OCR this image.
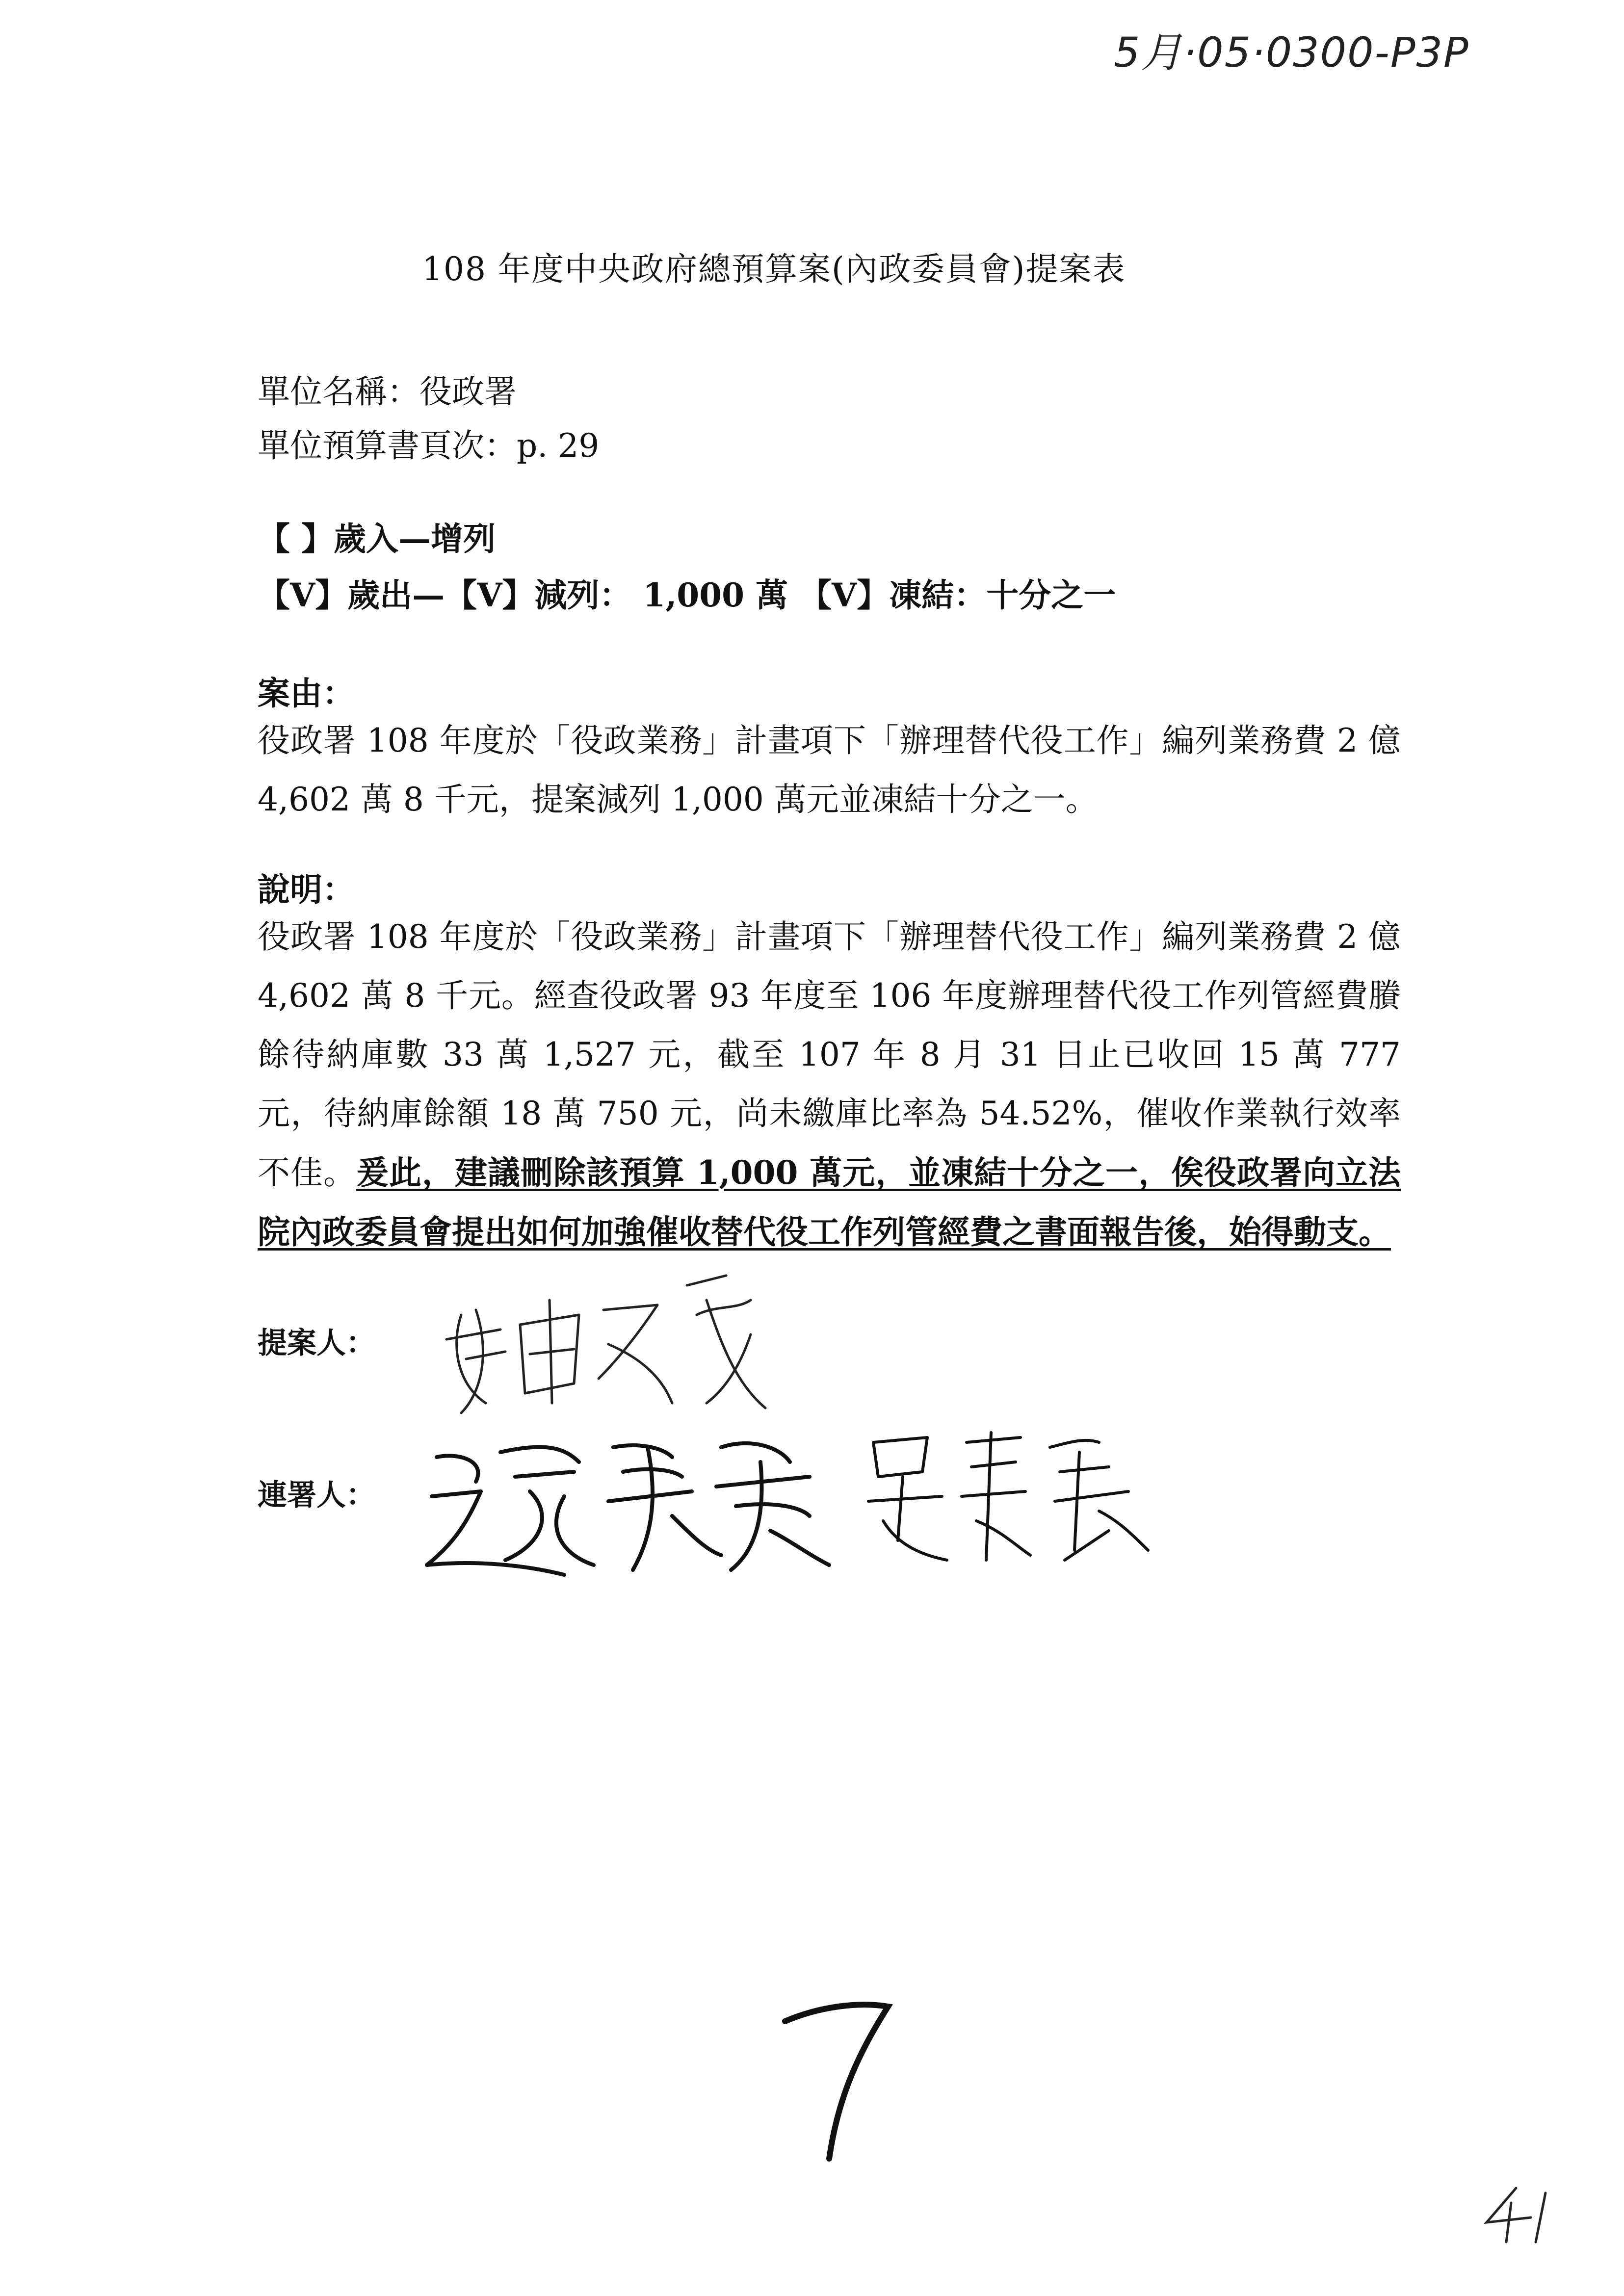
5月·05·0300-P3P
108 年度中央政府總預算案(內政委員會)提案表
單位名稱：役政署
單位預算書頁次：p. 29
【 】歲入—增列
【V】歲出—【V】減列： 1,000 萬 【V】凍結：十分之一
案由：
役政署 108 年度於「役政業務」計畫項下「辦理替代役工作」編列業務費 2 億 4,602 萬 8 千元，提案減列 1,000 萬元並凍結十分之一。
說明：
役政署 108 年度於「役政業務」計畫項下「辦理替代役工作」編列業務費 2 億 4,602 萬 8 千元。經查役政署 93 年度至 106 年度辦理替代役工作列管經費賸餘待納庫數 33 萬 1,527 元，截至 107 年 8 月 31 日止已收回 15 萬 777 元，待納庫餘額 18 萬 750 元，尚未繳庫比率為 54.52%，催收作業執行效率不佳。爰此，建議刪除該預算 1,000 萬元，並凍結十分之一，俟役政署向立法院內政委員會提出如何加強催收替代役工作列管經費之書面報告後，始得動支。
提案人：
連署人：
